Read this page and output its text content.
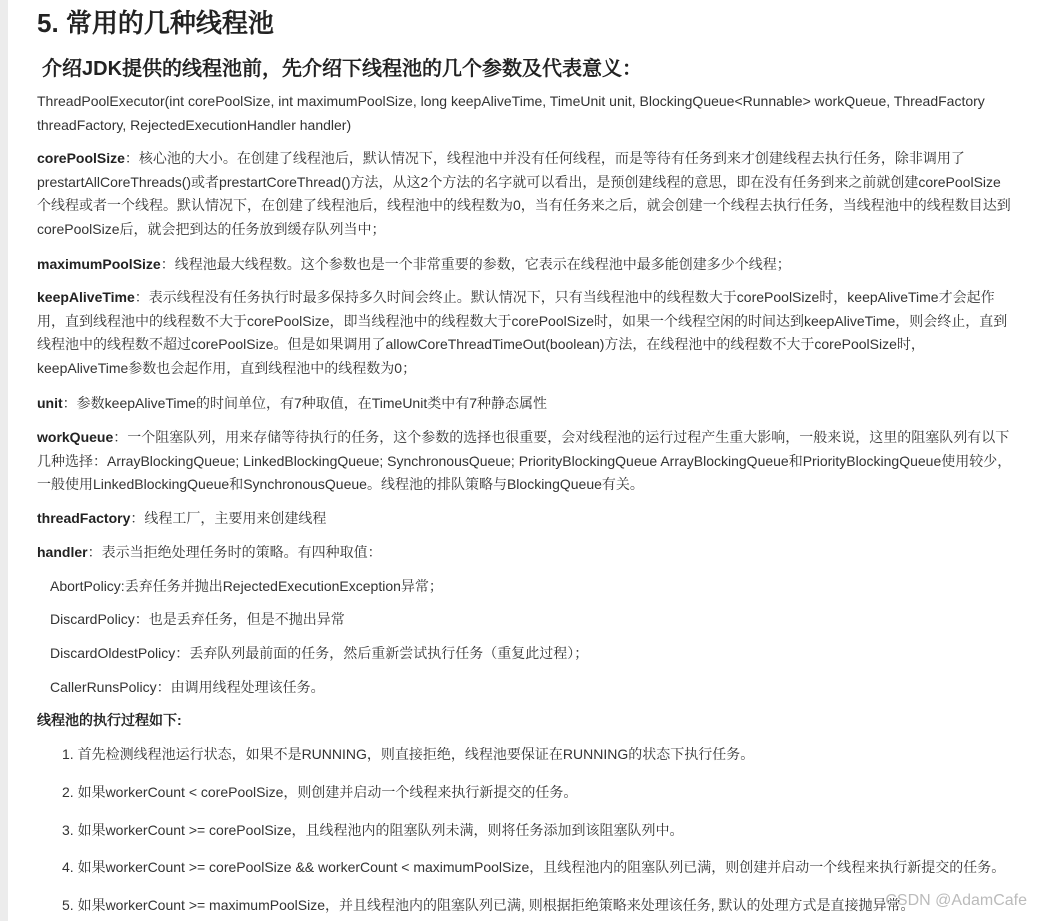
5. 常用的几种线程池
介绍JDK提供的线程池前，先介绍下线程池的几个参数及代表意义：
ThreadPoolExecutor(int corePoolSize, int maximumPoolSize, long keepAliveTime, TimeUnit unit, BlockingQueue<Runnable> workQueue, ThreadFactory threadFactory, RejectedExecutionHandler handler)
corePoolSize：核心池的大小。在创建了线程池后，默认情况下，线程池中并没有任何线程，而是等待有任务到来才创建线程去执行任务，除非调用了prestartAllCoreThreads()或者prestartCoreThread()方法，从这2个方法的名字就可以看出，是预创建线程的意思，即在没有任务到来之前就创建corePoolSize个线程或者一个线程。默认情况下，在创建了线程池后，线程池中的线程数为0，当有任务来之后，就会创建一个线程去执行任务，当线程池中的线程数目达到corePoolSize后，就会把到达的任务放到缓存队列当中；
maximumPoolSize：线程池最大线程数。这个参数也是一个非常重要的参数，它表示在线程池中最多能创建多少个线程；
keepAliveTime：表示线程没有任务执行时最多保持多久时间会终止。默认情况下，只有当线程池中的线程数大于corePoolSize时，keepAliveTime才会起作用，直到线程池中的线程数不大于corePoolSize，即当线程池中的线程数大于corePoolSize时，如果一个线程空闲的时间达到keepAliveTime，则会终止，直到线程池中的线程数不超过corePoolSize。但是如果调用了allowCoreThreadTimeOut(boolean)方法，在线程池中的线程数不大于corePoolSize时，keepAliveTime参数也会起作用，直到线程池中的线程数为0；
unit：参数keepAliveTime的时间单位，有7种取值，在TimeUnit类中有7种静态属性
workQueue：一个阻塞队列，用来存储等待执行的任务，这个参数的选择也很重要，会对线程池的运行过程产生重大影响，一般来说，这里的阻塞队列有以下几种选择：ArrayBlockingQueue; LinkedBlockingQueue; SynchronousQueue; PriorityBlockingQueue ArrayBlockingQueue和PriorityBlockingQueue使用较少，一般使用LinkedBlockingQueue和SynchronousQueue。线程池的排队策略与BlockingQueue有关。
threadFactory：线程工厂，主要用来创建线程
handler：表示当拒绝处理任务时的策略。有四种取值：
AbortPolicy:丢弃任务并抛出RejectedExecutionException异常；
DiscardPolicy：也是丢弃任务，但是不抛出异常
DiscardOldestPolicy：丢弃队列最前面的任务，然后重新尝试执行任务（重复此过程）；
CallerRunsPolicy：由调用线程处理该任务。
线程池的执行过程如下:
1. 首先检测线程池运行状态，如果不是RUNNING，则直接拒绝，线程池要保证在RUNNING的状态下执行任务。
2. 如果workerCount < corePoolSize，则创建并启动一个线程来执行新提交的任务。
3. 如果workerCount >= corePoolSize，且线程池内的阻塞队列未满，则将任务添加到该阻塞队列中。
4. 如果workerCount >= corePoolSize && workerCount < maximumPoolSize，且线程池内的阻塞队列已满，则创建并启动一个线程来执行新提交的任务。
5. 如果workerCount >= maximumPoolSize，并且线程池内的阻塞队列已满, 则根据拒绝策略来处理该任务, 默认的处理方式是直接抛异常。
CSDN @AdamCafe
